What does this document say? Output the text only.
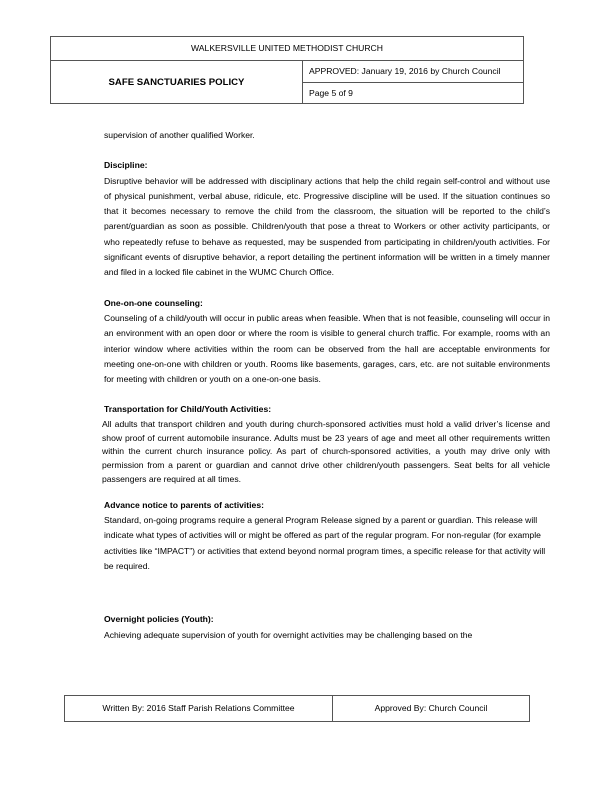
WALKERSVILLE UNITED METHODIST CHURCH
SAFE SANCTUARIES POLICY
APPROVED: January 19, 2016 by Church Council
Page 5 of 9

supervision of another qualified Worker.

Discipline:

Disruptive behavior will be addressed with disciplinary actions that help the child regain self-control and without use of physical punishment, verbal abuse, ridicule, etc. Progressive discipline will be used. If the situation continues so that it becomes necessary to remove the child from the classroom, the situation will be reported to the child’s parent/guardian as soon as possible. Children/youth that pose a threat to Workers or other activity participants, or who repeatedly refuse to behave as requested, may be suspended from participating in children/youth activities. For significant events of disruptive behavior, a report detailing the pertinent information will be written in a timely manner and filed in a locked file cabinet in the WUMC Church Office.

One-on-one counseling:

Counseling of a child/youth will occur in public areas when feasible. When that is not feasible, counseling will occur in an environment with an open door or where the room is visible to general church traffic. For example, rooms with an interior window where activities within the room can be observed from the hall are acceptable environments for meeting one-on-one with children or youth. Rooms like basements, garages, cars, etc. are not suitable environments for meeting with children or youth on a one-on-one basis.

Transportation for Child/Youth Activities:

All adults that transport children and youth during church-sponsored activities must hold a valid driver’s license and show proof of current automobile insurance. Adults must be 23 years of age and meet all other requirements written within the current church insurance policy. As part of church-sponsored activities, a youth may drive only with permission from a parent or guardian and cannot drive other children/youth passengers. Seat belts for all vehicle passengers are required at all times.

Advance notice to parents of activities:

Standard, on-going programs require a general Program Release signed by a parent or guardian. This release will indicate what types of activities will or might be offered as part of the regular program. For non-regular (for example activities like “IMPACT”) or activities that extend beyond normal program times, a specific release for that activity will be required.

Overnight policies (Youth):

Achieving adequate supervision of youth for overnight activities may be challenging based on the

Written By: 2016 Staff Parish Relations Committee	Approved By: Church Council
